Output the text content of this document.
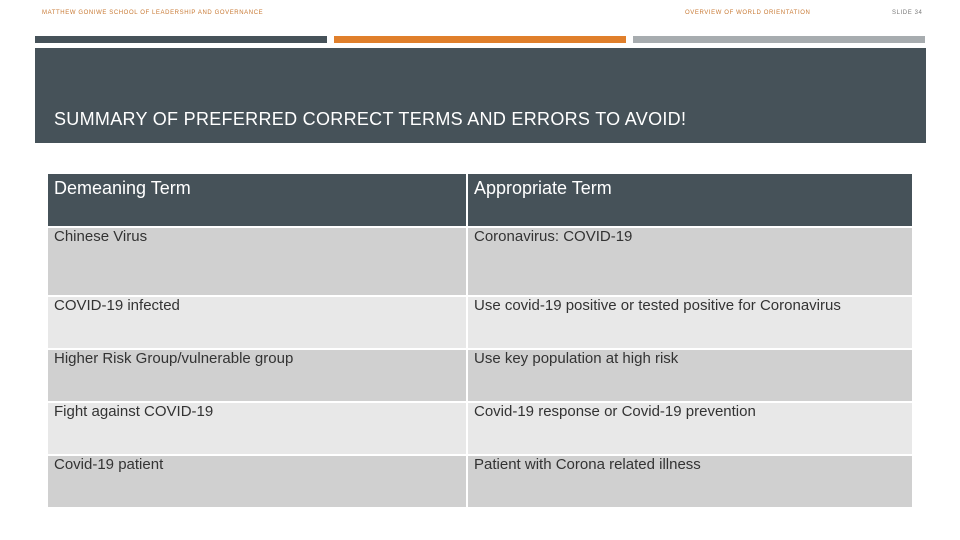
MATTHEW GONIWE SCHOOL OF LEADERSHIP AND GOVERNANCE	OVERVIEW OF WORLD ORIENTATION	SLIDE 34
SUMMARY OF PREFERRED CORRECT TERMS AND ERRORS TO AVOID!
Demeaning Term	Appropriate Term
Chinese Virus	Coronavirus: COVID-19
COVID-19 infected	Use covid-19 positive or tested positive for Coronavirus
Higher Risk Group/vulnerable group	Use key population at high risk
Fight against COVID-19	Covid-19 response or Covid-19 prevention
Covid-19 patient	Patient with Corona related illness
